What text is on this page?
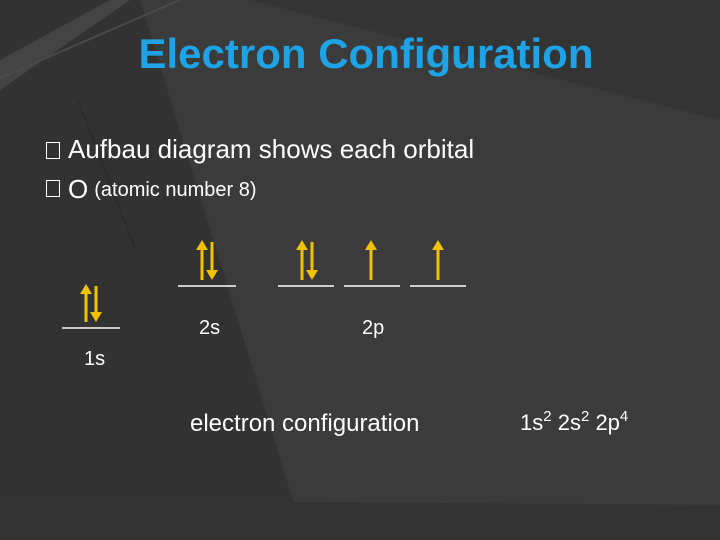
Electron Configuration
Aufbau diagram shows each orbital
O (atomic number 8)
1s
2s	2p
electron configuration	$1s^2$ $2s^2$ $2p^4$
